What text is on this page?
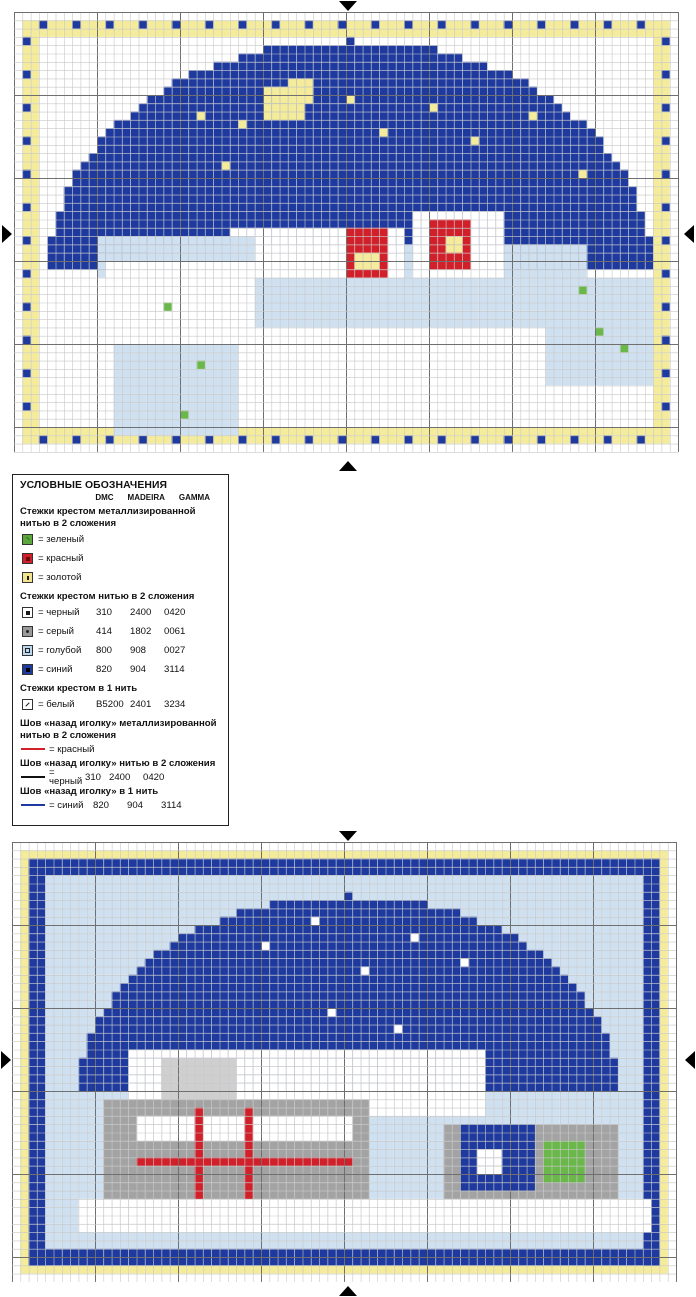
УСЛОВНЫЕ ОБОЗНАЧЕНИЯ
DMC MADEIRA GAMMA
Стежки крестом металлизированной нитью в 2 сложения
= зеленый
= красный
= золотой
Стежки крестом нитью в 2 сложения
= черный	310	2400	0420
= серый	414	1802	0061
= голубой	800	908	0027
= синий	820	904	3114
Стежки крестом в 1 нить
= белый	B5200 2401	3234
Шов «назад иголку» металлизированной нитью в 2 сложения
= красный
Шов «назад иголку» нитью в 2 сложения
= черный 310 2400	0420
Шов «назад иголку» в 1 нить
= синий 820	904	3114
